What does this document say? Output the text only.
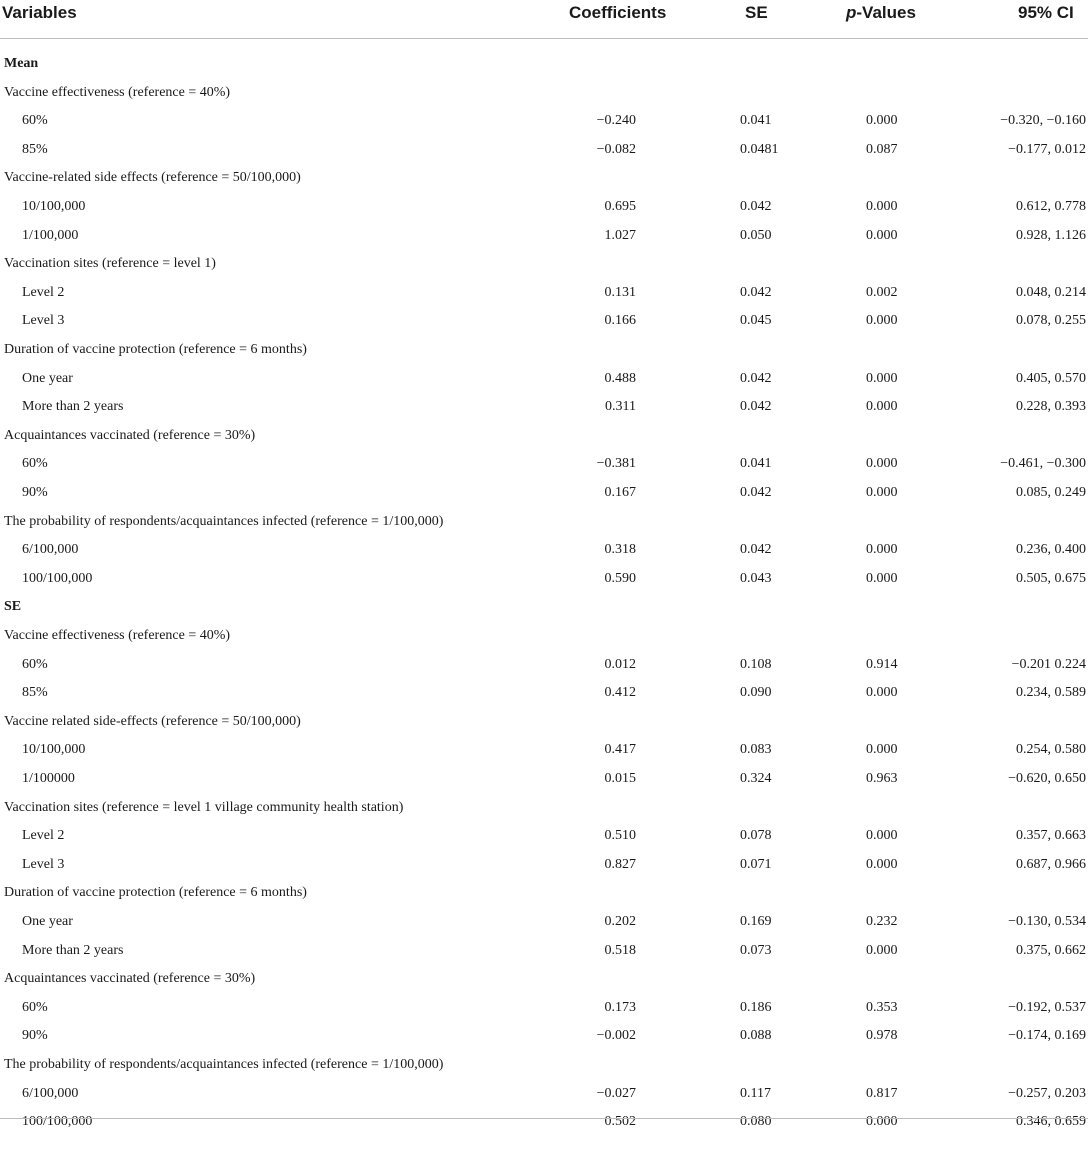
Variables	Coefficients	SE	p-Values	95% CI
Mean
Vaccine effectiveness (reference = 40%)
60%	−0.240	0.041	0.000	−0.320, −0.160
85%	−0.082	0.0481	0.087	−0.177, 0.012
Vaccine-related side effects (reference = 50/100,000)
10/100,000	0.695	0.042	0.000	0.612, 0.778
1/100,000	1.027	0.050	0.000	0.928, 1.126
Vaccination sites (reference = level 1)
Level 2	0.131	0.042	0.002	0.048, 0.214
Level 3	0.166	0.045	0.000	0.078, 0.255
Duration of vaccine protection (reference = 6 months)
One year	0.488	0.042	0.000	0.405, 0.570
More than 2 years	0.311	0.042	0.000	0.228, 0.393
Acquaintances vaccinated (reference = 30%)
60%	−0.381	0.041	0.000	−0.461, −0.300
90%	0.167	0.042	0.000	0.085, 0.249
The probability of respondents/acquaintances infected (reference = 1/100,000)
6/100,000	0.318	0.042	0.000	0.236, 0.400
100/100,000	0.590	0.043	0.000	0.505, 0.675
SE
Vaccine effectiveness (reference = 40%)
60%	0.012	0.108	0.914	−0.201 0.224
85%	0.412	0.090	0.000	0.234, 0.589
Vaccine related side-effects (reference = 50/100,000)
10/100,000	0.417	0.083	0.000	0.254, 0.580
1/100000	0.015	0.324	0.963	−0.620, 0.650
Vaccination sites (reference = level 1 village community health station)
Level 2	0.510	0.078	0.000	0.357, 0.663
Level 3	0.827	0.071	0.000	0.687, 0.966
Duration of vaccine protection (reference = 6 months)
One year	0.202	0.169	0.232	−0.130, 0.534
More than 2 years	0.518	0.073	0.000	0.375, 0.662
Acquaintances vaccinated (reference = 30%)
60%	0.173	0.186	0.353	−0.192, 0.537
90%	−0.002	0.088	0.978	−0.174, 0.169
The probability of respondents/acquaintances infected (reference = 1/100,000)
6/100,000	−0.027	0.117	0.817	−0.257, 0.203
100/100,000	0.502	0.080	0.000	0.346, 0.659
